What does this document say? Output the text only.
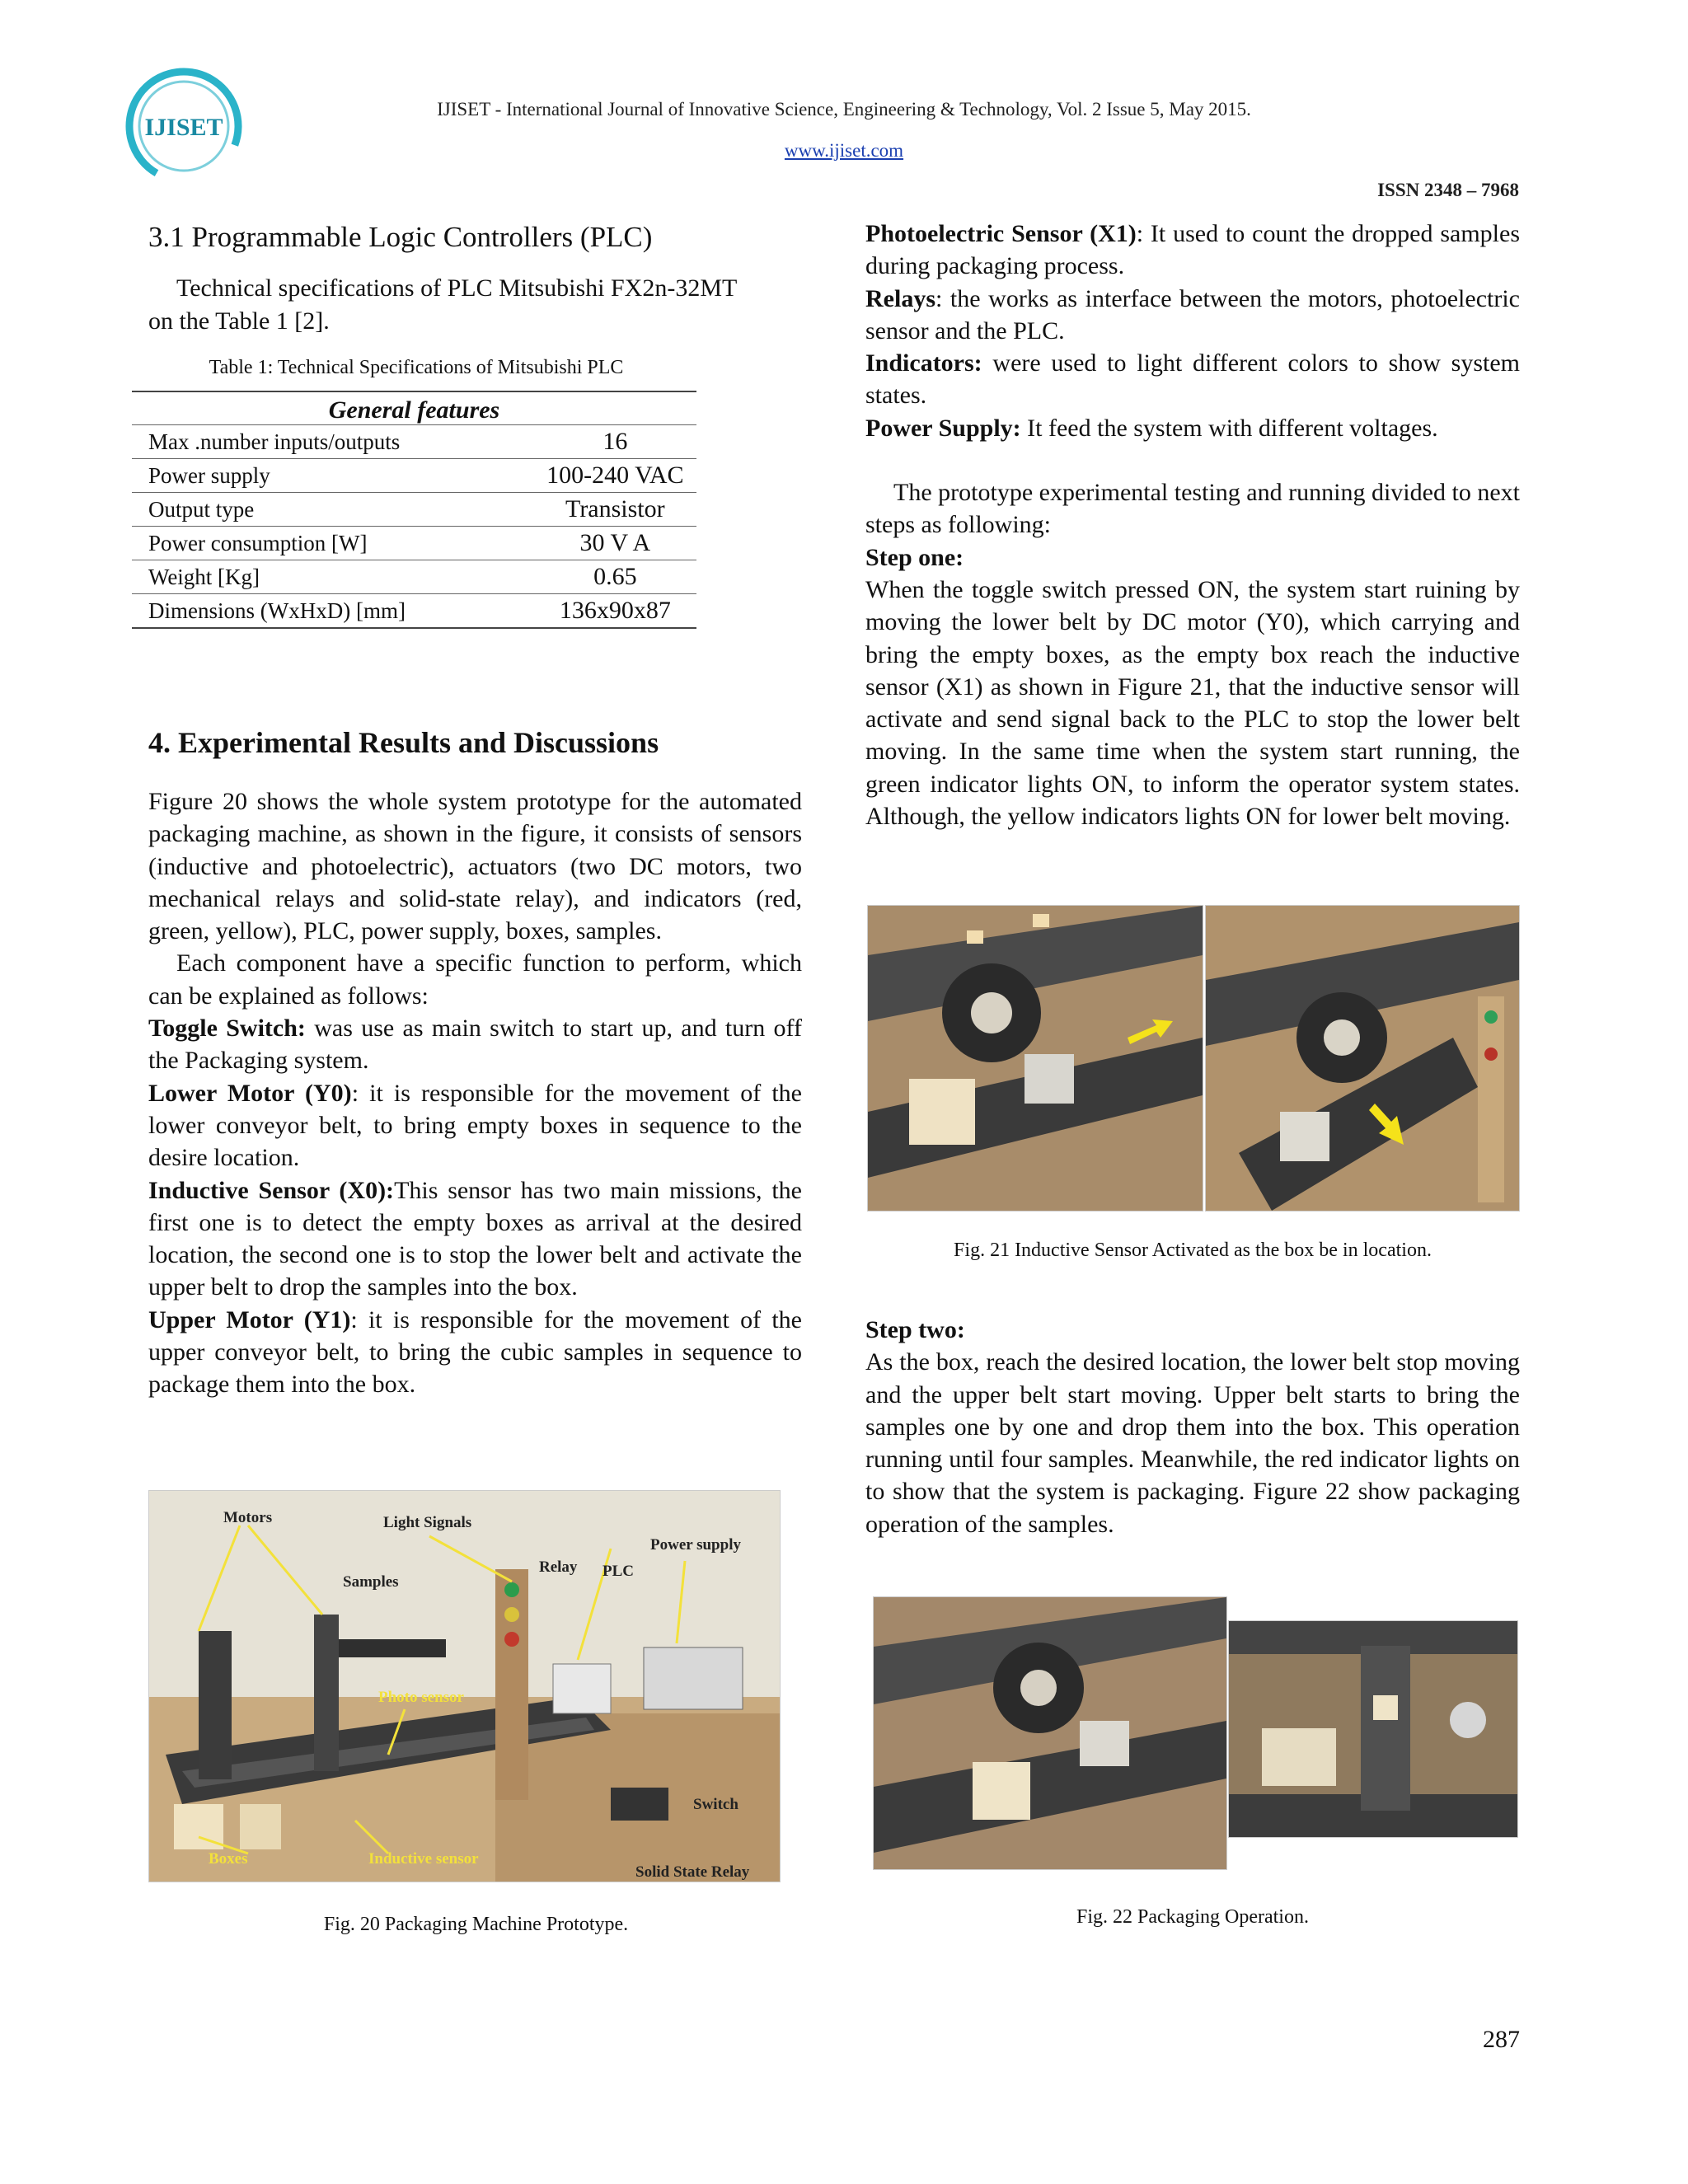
IJISET
IJISET - International Journal of Innovative Science, Engineering & Technology, Vol. 2 Issue 5, May 2015.
www.ijiset.com
ISSN 2348 – 7968
3.1 Programmable Logic Controllers (PLC)
Technical specifications of PLC Mitsubishi FX2n-32MT on the Table 1 [2].
Table 1: Technical Specifications of Mitsubishi PLC
General features	
Max .number inputs/outputs	16
Power supply	100-240 VAC
Output type	Transistor
Power consumption [W]	30 V A
Weight [Kg]	0.65
Dimensions (WxHxD) [mm]	136x90x87
4. Experimental Results and Discussions

Figure 20 shows the whole system prototype for the automated packaging machine, as shown in the figure, it consists of sensors (inductive and photoelectric), actuators (two DC motors, two mechanical relays and solid-state relay), and indicators (red, green, yellow), PLC, power supply, boxes, samples.

Each component have a specific function to perform, which can be explained as follows:

Toggle Switch: was use as main switch to start up, and turn off the Packaging system.

Lower Motor (Y0): it is responsible for the movement of the lower conveyor belt, to bring empty boxes in sequence to the desire location.

Inductive Sensor (X0):This sensor has two main missions, the first one is to detect the empty boxes as arrival at the desired location, the second one is to stop the lower belt and activate the upper belt to drop the samples into the box.

Upper Motor (Y1): it is responsible for the movement of the upper conveyor belt, to bring the cubic samples in sequence to package them into the box.

Photoelectric Sensor (X1): It used to count the dropped samples during packaging process.

Relays: the works as interface between the motors, photoelectric sensor and the PLC.

Indicators: were used to light different colors to show system states.

Power Supply: It feed the system with different voltages.

The prototype experimental testing and running divided to next steps as following:

Step one:

When the toggle switch pressed ON, the system start ruining by moving the lower belt by DC motor (Y0), which carrying and bring the empty boxes, as the empty box reach the inductive sensor (X1) as shown in Figure 21, that the inductive sensor will activate and send signal back to the PLC to stop the lower belt moving. In the same time when the system start running, the green indicator lights ON, to inform the operator system states. Although, the yellow indicators lights ON for lower belt moving.

Step two:

As the box, reach the desired location, the lower belt stop moving and the upper belt start moving. Upper belt starts to bring the samples one by one and drop them into the box. This operation running until four samples. Meanwhile, the red indicator lights on to show that the system is packaging. Figure 22 show packaging operation of the samples.

Motors	Light Signals
Power supply
Samples
Relay PLC
Photo sensor
Switch
Boxes	Inductive sensor
Solid State Relay
Fig. 20 Packaging Machine Prototype.
Fig. 21 Inductive Sensor Activated as the box be in location.
Fig. 22 Packaging Operation.
287
